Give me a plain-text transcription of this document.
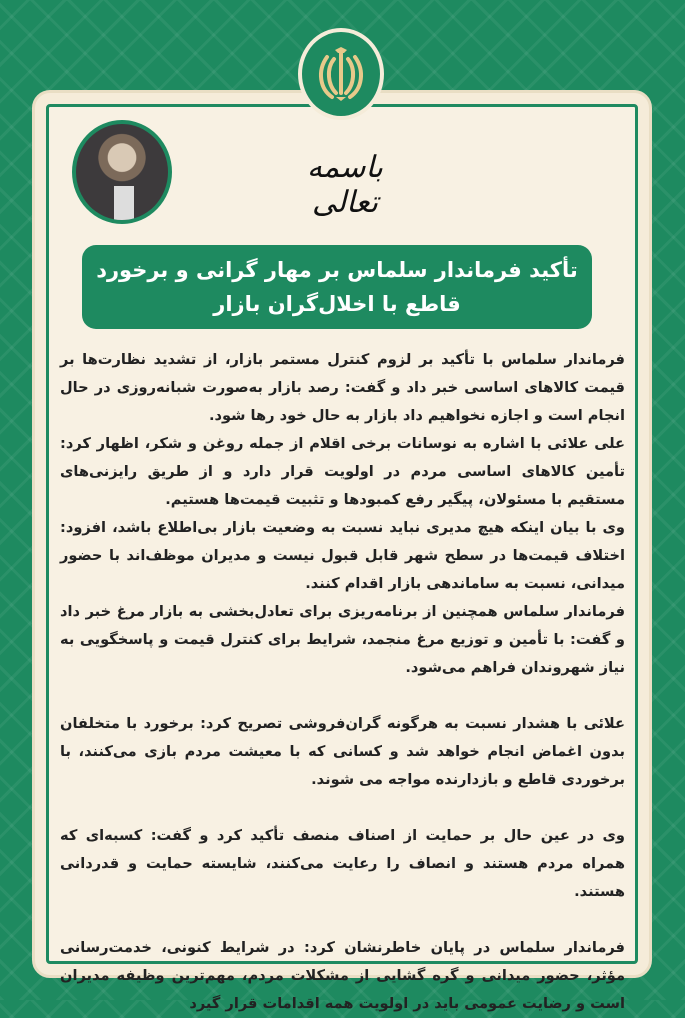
باسمه تعالی
تأکید فرماندار سلماس بر مهار گرانی و برخورد
قاطع با اخلال‌گران بازار

فرماندار سلماس با تأکید بر لزوم کنترل مستمر بازار، از تشدید نظارت‌ها بر قیمت کالاهای اساسی خبر داد و گفت: رصد بازار به‌صورت شبانه‌روزی در حال انجام است و اجازه نخواهیم داد بازار به حال خود رها شود.

علی علائی با اشاره به نوسانات برخی اقلام از جمله روغن و شکر، اظهار کرد: تأمین کالاهای اساسی مردم در اولویت قرار دارد و از طریق رایزنی‌های مستقیم با مسئولان، پیگیر رفع کمبودها و تثبیت قیمت‌ها هستیم.

وی با بیان اینکه هیچ مدیری نباید نسبت به وضعیت بازار بی‌اطلاع باشد، افزود: اختلاف قیمت‌ها در سطح شهر قابل قبول نیست و مدیران موظف‌اند با حضور میدانی، نسبت به ساماندهی بازار اقدام کنند.

فرماندار سلماس همچنین از برنامه‌ریزی برای تعادل‌بخشی به بازار مرغ خبر داد و گفت: با تأمین و توزیع مرغ منجمد، شرایط برای کنترل قیمت و پاسخگویی به نیاز شهروندان فراهم می‌شود.

علائی با هشدار نسبت به هرگونه گران‌فروشی تصریح کرد: برخورد با متخلفان بدون اغماض انجام خواهد شد و کسانی که با معیشت مردم بازی می‌کنند، با برخوردی قاطع و بازدارنده مواجه می شوند.

وی در عین حال بر حمایت از اصناف منصف تأکید کرد و گفت: کسبه‌ای که همراه مردم هستند و انصاف را رعایت می‌کنند، شایسته حمایت و قدردانی هستند.

فرماندار سلماس در پایان خاطرنشان کرد: در شرایط کنونی، خدمت‌رسانی مؤثر، حضور میدانی و گره گشایی از مشکلات مردم، مهم‌ترین وظیفه مدیران است و رضایت عمومی باید در اولویت همه اقدامات قرار گیرد
